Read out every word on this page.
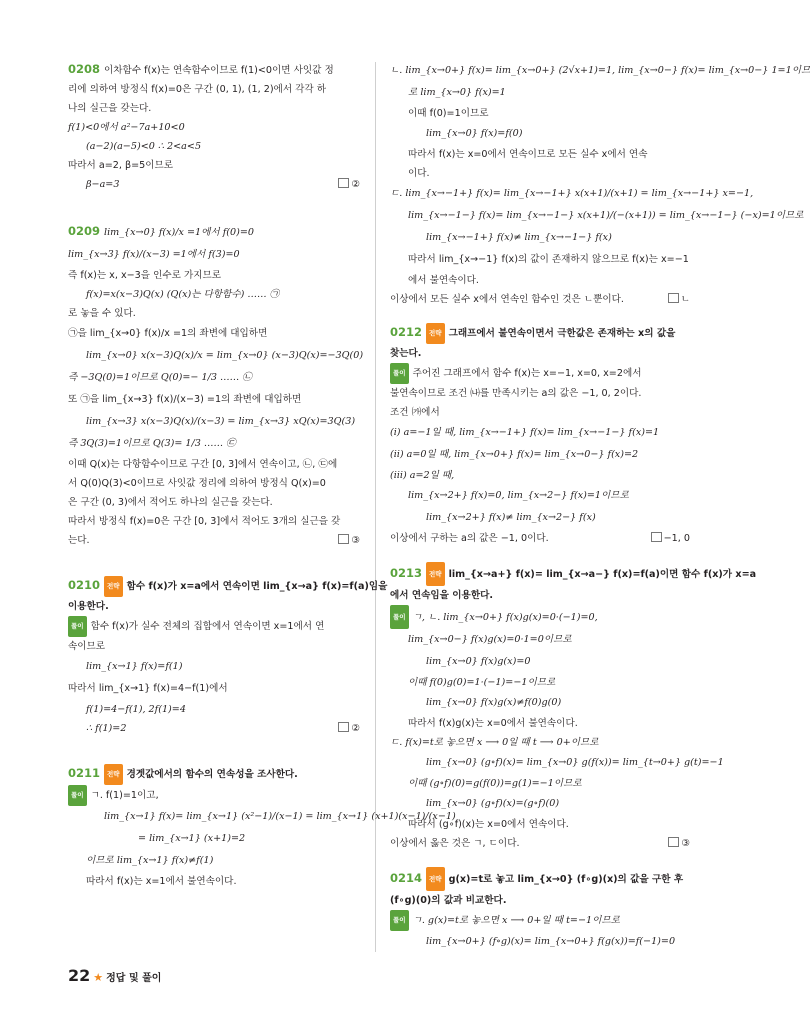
0208 이차함수 f(x)는 연속함수이므로 f(1)<0이면 사잇값 정
리에 의하여 방정식 f(x)=0은 구간 (0, 1), (1, 2)에서 각각 하
나의 실근을 갖는다.
f(1)<0에서 a²−7a+10<0
(a−2)(a−5)<0 ∴ 2<a<5
따라서 a=2, β=5이므로
β−a=3	②
0209 lim_{x→0} f(x)/x =1에서 f(0)=0
lim_{x→3} f(x)/(x−3) =1에서 f(3)=0
즉 f(x)는 x, x−3을 인수로 가지므로
f(x)=x(x−3)Q(x) (Q(x)는 다항함수) …… ㉠
로 놓을 수 있다.
㉠을 lim_{x→0} f(x)/x =1의 좌변에 대입하면
lim_{x→0} x(x−3)Q(x)/x = lim_{x→0} (x−3)Q(x)=−3Q(0)
즉 −3Q(0)=1이므로 Q(0)=− 1/3 …… ㉡
또 ㉠을 lim_{x→3} f(x)/(x−3) =1의 좌변에 대입하면
lim_{x→3} x(x−3)Q(x)/(x−3) = lim_{x→3} xQ(x)=3Q(3)
즉 3Q(3)=1이므로 Q(3)= 1/3 …… ㉢
이때 Q(x)는 다항함수이므로 구간 [0, 3]에서 연속이고, ㉡, ㉢에
서 Q(0)Q(3)<0이므로 사잇값 정리에 의하여 방정식 Q(x)=0
은 구간 (0, 3)에서 적어도 하나의 실근을 갖는다.
따라서 방정식 f(x)=0은 구간 [0, 3]에서 적어도 3개의 실근을 갖
는다.	③
0210 전략 함수 f(x)가 x=a에서 연속이면 lim_{x→a} f(x)=f(a)임을
이용한다.
풀이 함수 f(x)가 실수 전체의 집합에서 연속이면 x=1에서 연
속이므로
lim_{x→1} f(x)=f(1)
따라서 lim_{x→1} f(x)=4−f(1)에서
f(1)=4−f(1), 2f(1)=4
∴ f(1)=2	②
0211 전략 경곗값에서의 함수의 연속성을 조사한다.
풀이 ㄱ. f(1)=1이고,
lim_{x→1} f(x)= lim_{x→1} (x²−1)/(x−1) = lim_{x→1} (x+1)(x−1)/(x−1)
= lim_{x→1} (x+1)=2
이므로 lim_{x→1} f(x)≠f(1)
따라서 f(x)는 x=1에서 불연속이다.
ㄴ. lim_{x→0+} f(x)= lim_{x→0+} (2√x+1)=1, lim_{x→0−} f(x)= lim_{x→0−} 1=1이므
로 lim_{x→0} f(x)=1
이때 f(0)=1이므로
lim_{x→0} f(x)=f(0)
따라서 f(x)는 x=0에서 연속이므로 모든 실수 x에서 연속
이다.
ㄷ. lim_{x→−1+} f(x)= lim_{x→−1+} x(x+1)/(x+1) = lim_{x→−1+} x=−1,
lim_{x→−1−} f(x)= lim_{x→−1−} x(x+1)/(−(x+1)) = lim_{x→−1−} (−x)=1이므로
lim_{x→−1+} f(x)≠ lim_{x→−1−} f(x)
따라서 lim_{x→−1} f(x)의 값이 존재하지 않으므로 f(x)는 x=−1
에서 불연속이다.
이상에서 모든 실수 x에서 연속인 함수인 것은 ㄴ뿐이다.	ㄴ
0212 전략 그래프에서 불연속이면서 극한값은 존재하는 x의 값을
찾는다.
풀이 주어진 그래프에서 함수 f(x)는 x=−1, x=0, x=2에서
불연속이므로 조건 ㈏를 만족시키는 a의 값은 −1, 0, 2이다.
조건 ㈎에서
(ⅰ) a=−1일 때, lim_{x→−1+} f(x)= lim_{x→−1−} f(x)=1
(ⅱ) a=0일 때, lim_{x→0+} f(x)= lim_{x→0−} f(x)=2
(ⅲ) a=2일 때,
lim_{x→2+} f(x)=0, lim_{x→2−} f(x)=1이므로
lim_{x→2+} f(x)≠ lim_{x→2−} f(x)
이상에서 구하는 a의 값은 −1, 0이다.	−1, 0
0213 전략 lim_{x→a+} f(x)= lim_{x→a−} f(x)=f(a)이면 함수 f(x)가 x=a
에서 연속임을 이용한다.
풀이 ㄱ, ㄴ. lim_{x→0+} f(x)g(x)=0·(−1)=0,
lim_{x→0−} f(x)g(x)=0·1=0이므로
lim_{x→0} f(x)g(x)=0
이때 f(0)g(0)=1·(−1)=−1이므로
lim_{x→0} f(x)g(x)≠f(0)g(0)
따라서 f(x)g(x)는 x=0에서 불연속이다.
ㄷ. f(x)=t로 놓으면 x ⟶ 0일 때 t ⟶ 0+이므로
lim_{x→0} (g∘f)(x)= lim_{x→0} g(f(x))= lim_{t→0+} g(t)=−1
이때 (g∘f)(0)=g(f(0))=g(1)=−1이므로
lim_{x→0} (g∘f)(x)=(g∘f)(0)
따라서 (g∘f)(x)는 x=0에서 연속이다.
이상에서 옳은 것은 ㄱ, ㄷ이다.	③
0214 전략 g(x)=t로 놓고 lim_{x→0} (f∘g)(x)의 값을 구한 후
(f∘g)(0)의 값과 비교한다.
풀이 ㄱ. g(x)=t로 놓으면 x ⟶ 0+일 때 t=−1이므로
lim_{x→0+} (f∘g)(x)= lim_{x→0+} f(g(x))=f(−1)=0
22 ★ 정답 및 풀이
